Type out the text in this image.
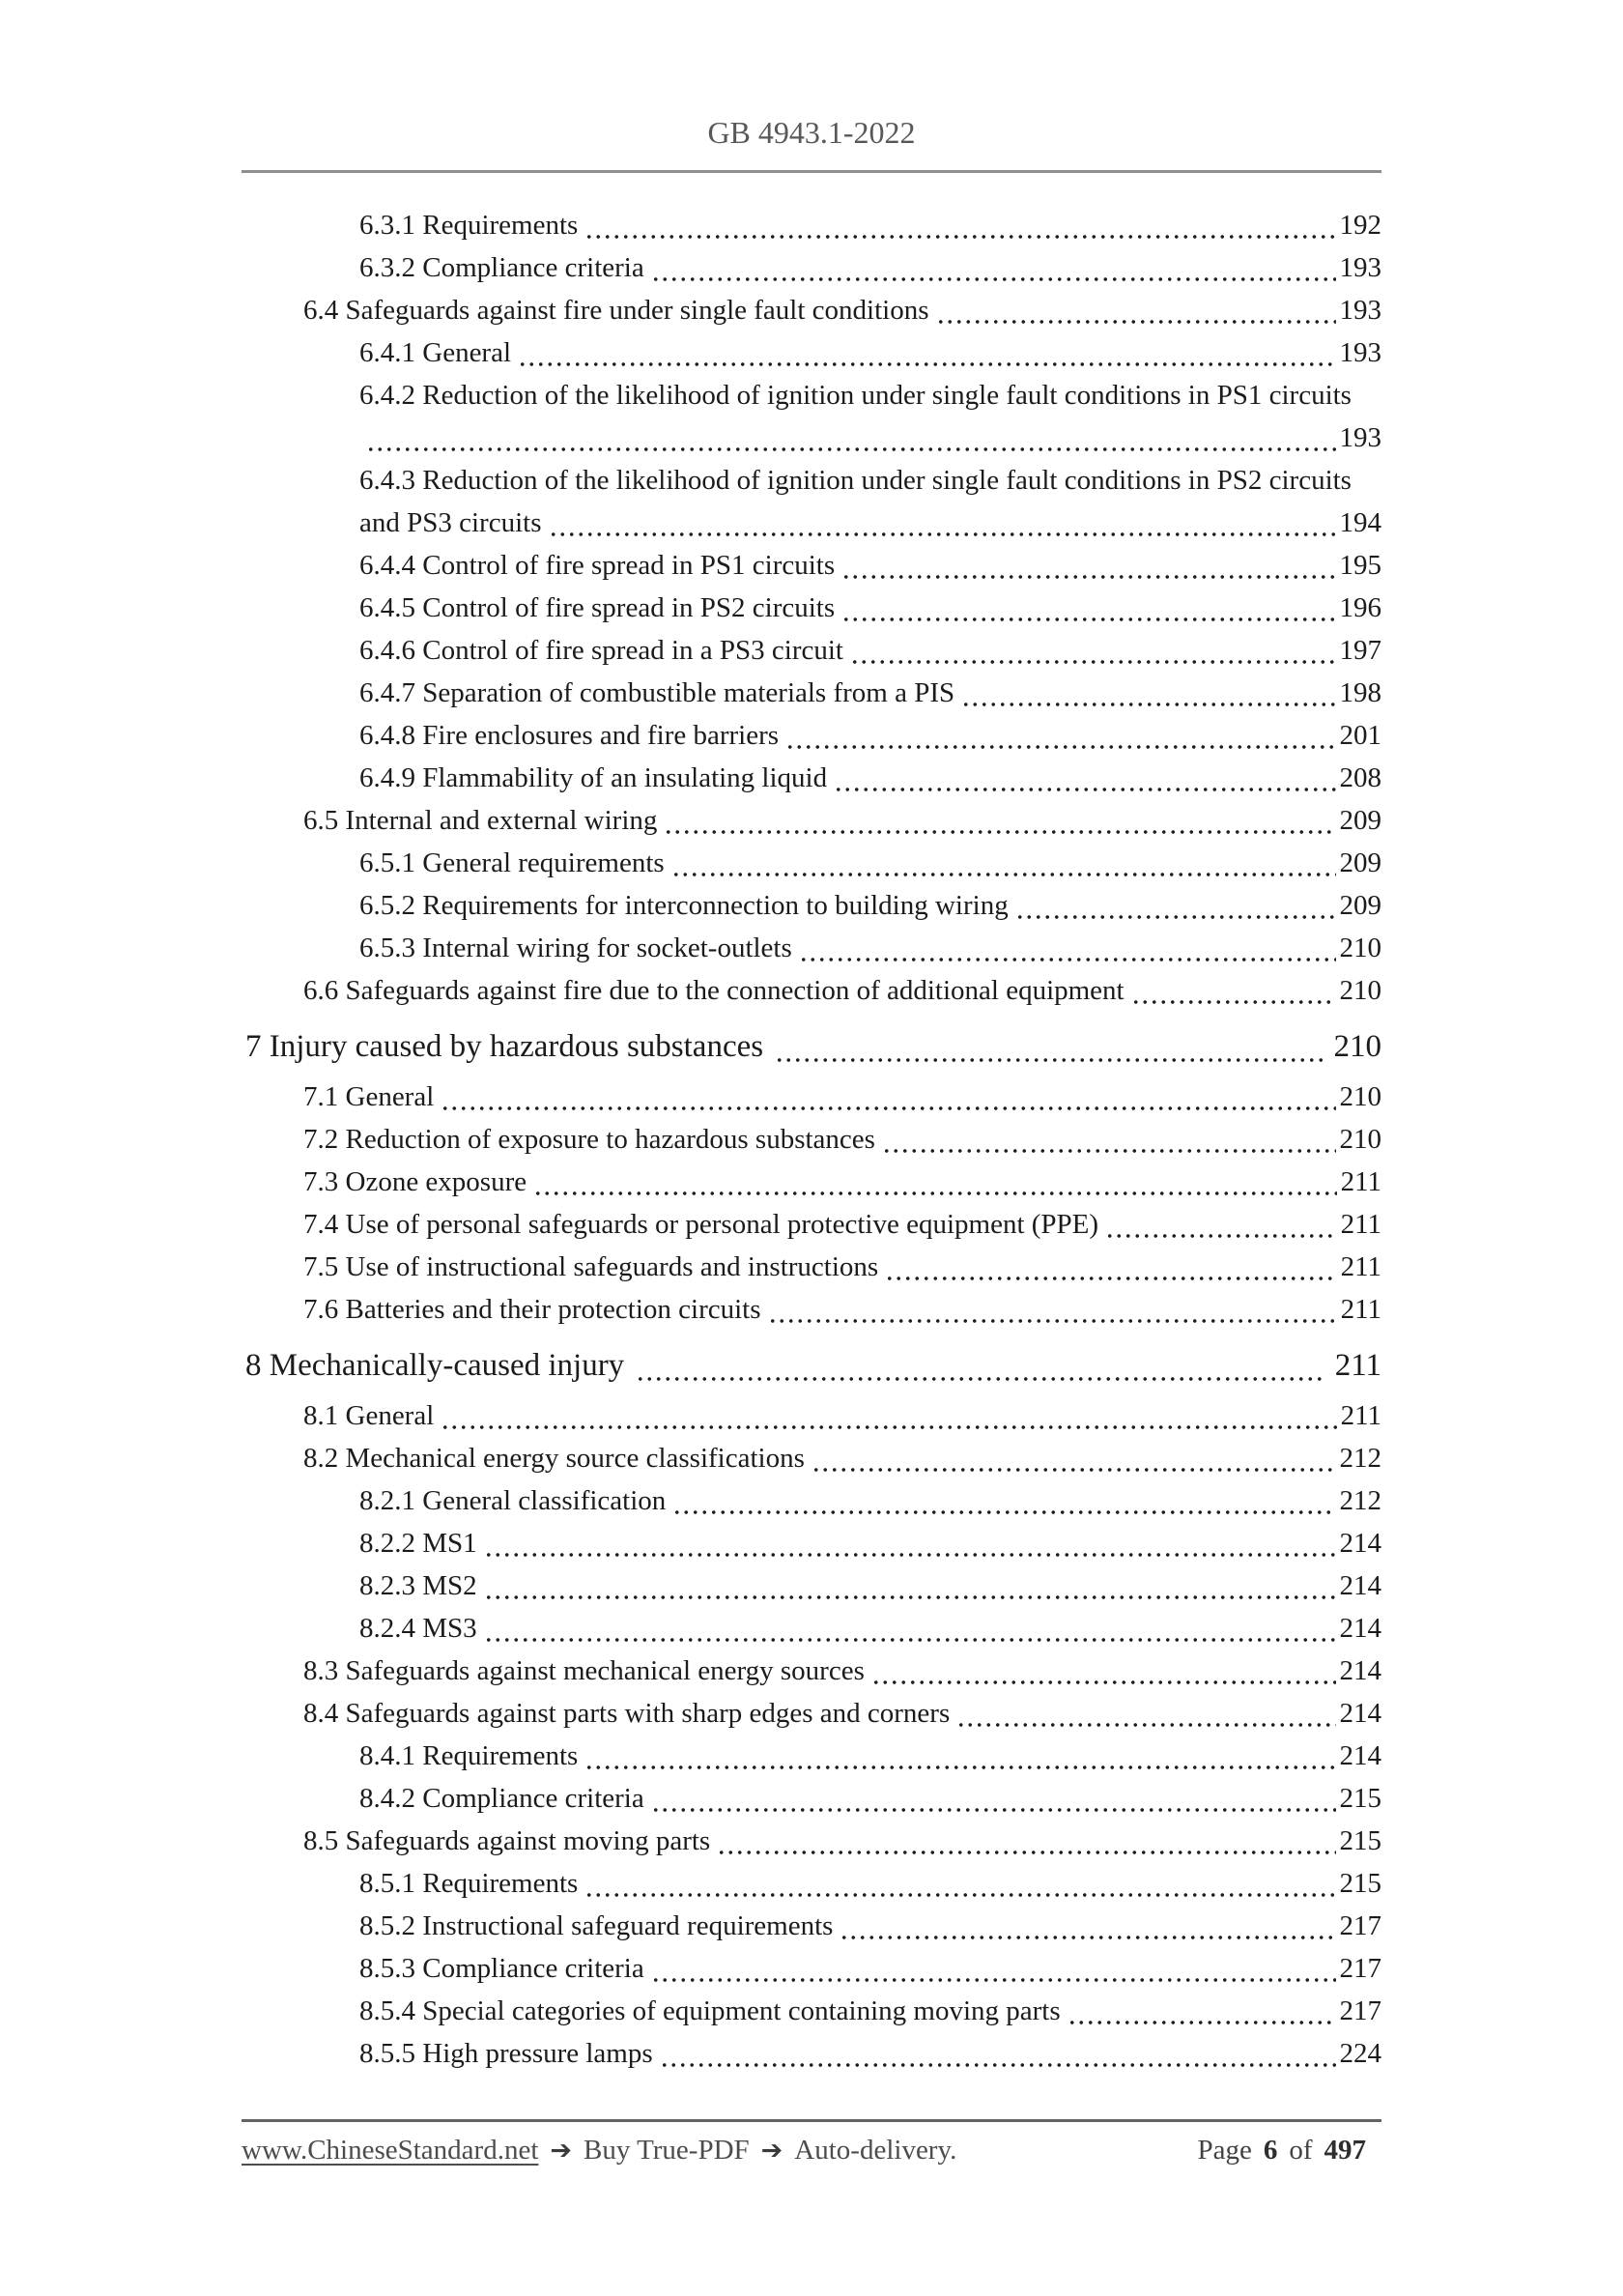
GB 4943.1-2022
6.3.1 Requirements	192
6.3.2 Compliance criteria	193
6.4 Safeguards against fire under single fault conditions	193
6.4.1 General	193
6.4.2 Reduction of the likelihood of ignition under single fault conditions in PS1 circuits
193
6.4.3 Reduction of the likelihood of ignition under single fault conditions in PS2 circuits
and PS3 circuits	194
6.4.4 Control of fire spread in PS1 circuits	195
6.4.5 Control of fire spread in PS2 circuits	196
6.4.6 Control of fire spread in a PS3 circuit	197
6.4.7 Separation of combustible materials from a PIS	198
6.4.8 Fire enclosures and fire barriers	201
6.4.9 Flammability of an insulating liquid	208
6.5 Internal and external wiring	209
6.5.1 General requirements	209
6.5.2 Requirements for interconnection to building wiring	209
6.5.3 Internal wiring for socket-outlets	210
6.6 Safeguards against fire due to the connection of additional equipment	210
7 Injury caused by hazardous substances	210
7.1 General	210
7.2 Reduction of exposure to hazardous substances	210
7.3 Ozone exposure	211
7.4 Use of personal safeguards or personal protective equipment (PPE)	211
7.5 Use of instructional safeguards and instructions	211
7.6 Batteries and their protection circuits	211
8 Mechanically-caused injury	211
8.1 General	211
8.2 Mechanical energy source classifications	212
8.2.1 General classification	212
8.2.2 MS1	214
8.2.3 MS2	214
8.2.4 MS3	214
8.3 Safeguards against mechanical energy sources	214
8.4 Safeguards against parts with sharp edges and corners	214
8.4.1 Requirements	214
8.4.2 Compliance criteria	215
8.5 Safeguards against moving parts	215
8.5.1 Requirements	215
8.5.2 Instructional safeguard requirements	217
8.5.3 Compliance criteria	217
8.5.4 Special categories of equipment containing moving parts	217
8.5.5 High pressure lamps	224
www.ChineseStandard.net ➔ Buy True-PDF ➔ Auto-delivery.	Page 6 of 497
